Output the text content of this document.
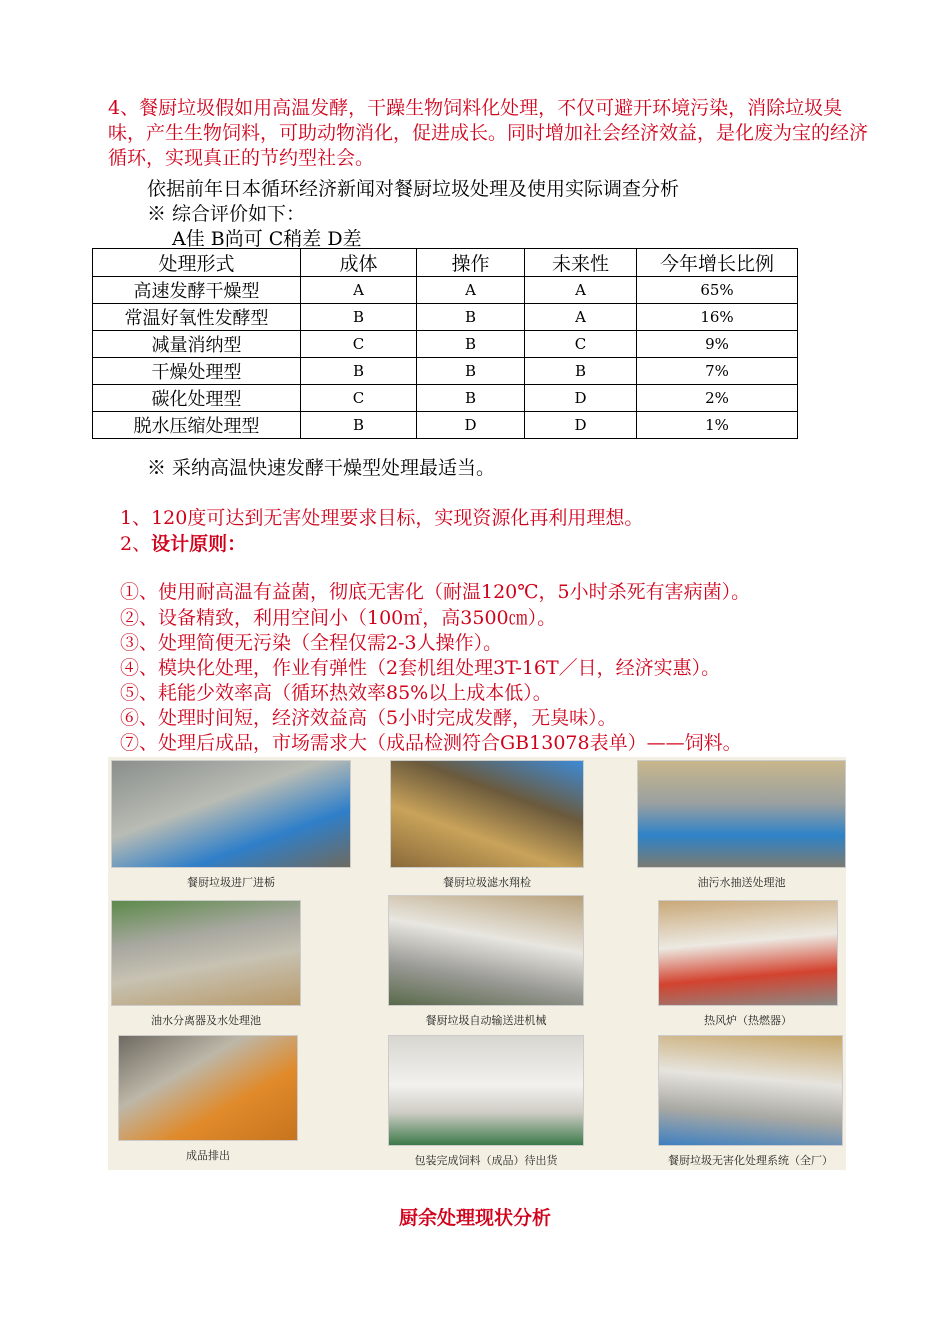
4、餐厨垃圾假如用高温发酵，干躁生物饲料化处理，不仅可避开环境污染，消除垃圾臭味，产生生物饲料，可助动物消化，促进成长。同时增加社会经济效益，是化废为宝的经济循环，实现真正的节约型社会。
依据前年日本循环经济新闻对餐厨垃圾处理及使用实际调查分析
※ 综合评价如下：
A佳 B尚可 C稍差 D差
处理形式	成体	操作	未来性	今年增长比例
高速发酵干燥型	A	A	A	65%
常温好氧性发酵型	B	B	A	16%
减量消纳型	C	B	C	9%
干燥处理型	B	B	B	7%
碳化处理型	C	B	D	2%
脱水压缩处理型	B	D	D	1%
※ 采纳高温快速发酵干燥型处理最适当。
1、120度可达到无害处理要求目标，实现资源化再利用理想。
2、设计原则：
①、使用耐高温有益菌，彻底无害化（耐温120℃，5小时杀死有害病菌）。
②、设备精致，利用空间小（100㎡，高3500㎝）。
③、处理简便无污染（全程仅需2-3人操作）。
④、模块化处理，作业有弹性（2套机组处理3T-16T／日，经济实惠）。
⑤、耗能少效率高（循环热效率85%以上成本低）。
⑥、处理时间短，经济效益高（5小时完成发酵，无臭味）。
⑦、处理后成品，市场需求大（成品检测符合GB13078表单）——饲料。
餐厨垃圾进厂进栃	餐厨垃圾滤水翔检	油污水抽送处理池
油水分离器及水处理池	餐厨垃圾自动输送进机械	热风炉（热燃器）
成品排出	包装完成饲料（成品）待出货	餐厨垃圾无害化处理系统（全厂）
厨余处理现状分析
